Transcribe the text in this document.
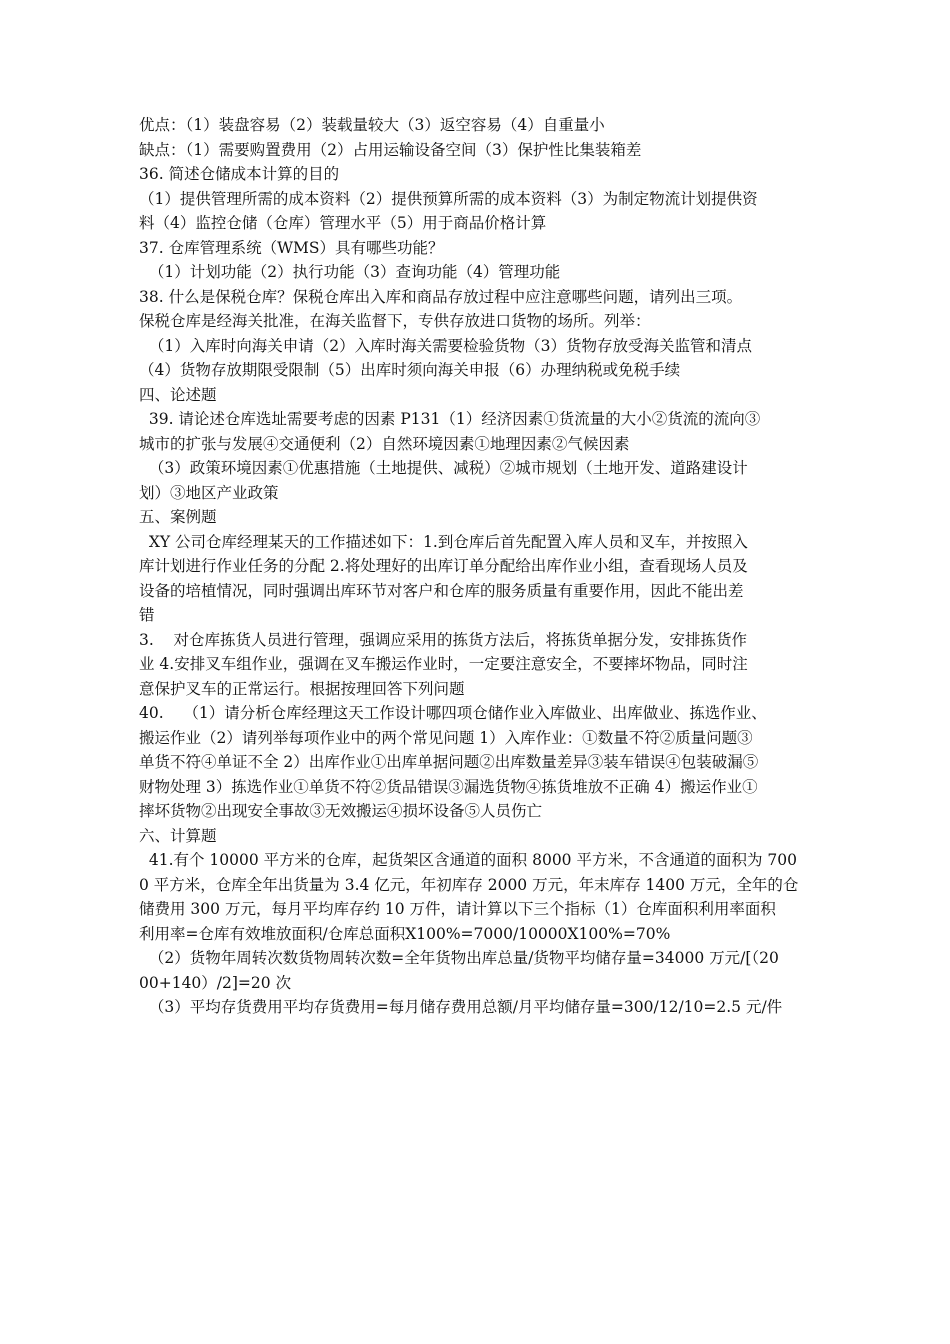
优点：（1）装盘容易（2）装载量较大（3）返空容易（4）自重量小
缺点：（1）需要购置费用（2）占用运输设备空间（3）保护性比集装箱差
36. 简述仓储成本计算的目的
（1）提供管理所需的成本资料（2）提供预算所需的成本资料（3）为制定物流计划提供资
料（4）监控仓储（仓库）管理水平（5）用于商品价格计算
37. 仓库管理系统（WMS）具有哪些功能？
（1）计划功能（2）执行功能（3）查询功能（4）管理功能
38. 什么是保税仓库？保税仓库出入库和商品存放过程中应注意哪些问题，请列出三项。
保税仓库是经海关批准，在海关监督下，专供存放进口货物的场所。列举：
（1）入库时向海关申请（2）入库时海关需要检验货物（3）货物存放受海关监管和清点
（4）货物存放期限受限制（5）出库时须向海关申报（6）办理纳税或免税手续
四、论述题
39. 请论述仓库选址需要考虑的因素 P131（1）经济因素①货流量的大小②货流的流向③
城市的扩张与发展④交通便利（2）自然环境因素①地理因素②气候因素
（3）政策环境因素①优惠措施（土地提供、减税）②城市规划（土地开发、道路建设计
划）③地区产业政策
五、案例题
XY 公司仓库经理某天的工作描述如下：1.到仓库后首先配置入库人员和叉车，并按照入
库计划进行作业任务的分配 2.将处理好的出库订单分配给出库作业小组，查看现场人员及
设备的培植情况，同时强调出库环节对客户和仓库的服务质量有重要作用，因此不能出差
错
3.    对仓库拣货人员进行管理，强调应采用的拣货方法后，将拣货单据分发，安排拣货作
业 4.安排叉车组作业，强调在叉车搬运作业时，一定要注意安全，不要摔坏物品，同时注
意保护叉车的正常运行。根据按理回答下列问题
40.    （1）请分析仓库经理这天工作设计哪四项仓储作业入库做业、出库做业、拣选作业、
搬运作业（2）请列举每项作业中的两个常见问题 1）入库作业：①数量不符②质量问题③
单货不符④单证不全 2）出库作业①出库单据问题②出库数量差异③装车错误④包装破漏⑤
财物处理 3）拣选作业①单货不符②货品错误③漏选货物④拣货堆放不正确 4）搬运作业①
摔坏货物②出现安全事故③无效搬运④损坏设备⑤人员伤亡
六、计算题
41.有个 10000 平方米的仓库，起货架区含通道的面积 8000 平方米，不含通道的面积为 700
0 平方米，仓库全年出货量为 3.4 亿元，年初库存 2000 万元，年末库存 1400 万元，全年的仓
储费用 300 万元，每月平均库存约 10 万件，请计算以下三个指标（1）仓库面积利用率面积
利用率=仓库有效堆放面积/仓库总面积Ⅹ100%=7000/10000Ⅹ100%=70%
（2）货物年周转次数货物周转次数=全年货物出库总量/货物平均储存量=34000 万元/[（20
00+140）/2]=20 次
（3）平均存货费用平均存货费用=每月储存费用总额/月平均储存量=300/12/10=2.5 元/件
